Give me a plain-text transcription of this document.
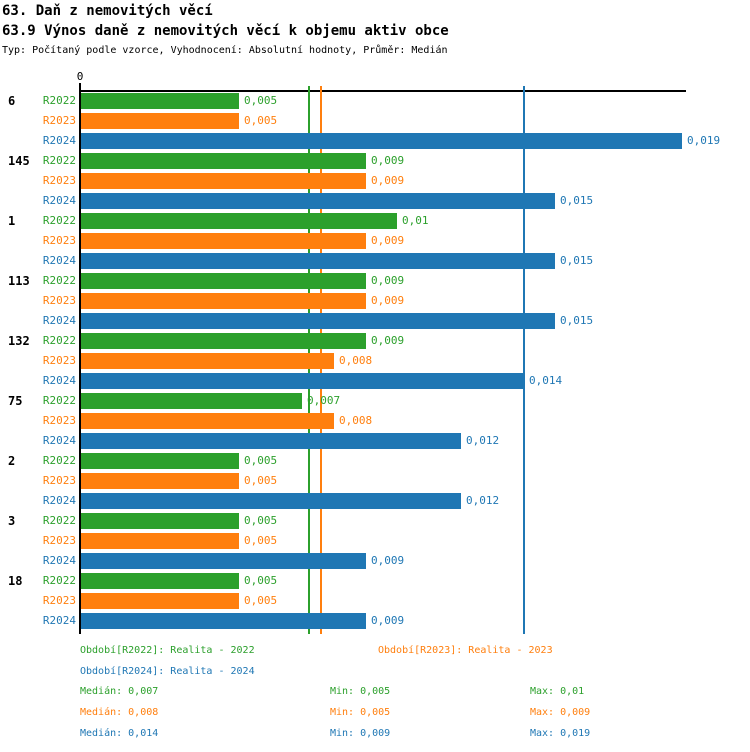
63. Daň z nemovitých věcí
63.9 Výnos daně z nemovitých věcí k objemu aktiv obce
Typ: Počítaný podle vzorce, Vyhodnocení: Absolutní hodnoty, Průměr: Medián
0
6	R2022	0,005
R2023	0,005
R2024	0,019
145	R2022	0,009
R2023	0,009
R2024	0,015
1	R2022	0,01
R2023	0,009
R2024	0,015
113	R2022	0,009
R2023	0,009
R2024	0,015
132	R2022	0,009
R2023	0,008
R2024	0,014
75	R2022	0,007
R2023	0,008
R2024	0,012
2	R2022	0,005
R2023	0,005
R2024	0,012
3	R2022	0,005
R2023	0,005
R2024	0,009
18	R2022	0,005
R2023	0,005
R2024	0,009
Období[R2022]: Realita - 2022	Období[R2023]: Realita - 2023
Období[R2024]: Realita - 2024
Medián: 0,007	Min: 0,005	Max: 0,01
Medián: 0,008	Min: 0,005	Max: 0,009
Medián: 0,014	Min: 0,009	Max: 0,019
